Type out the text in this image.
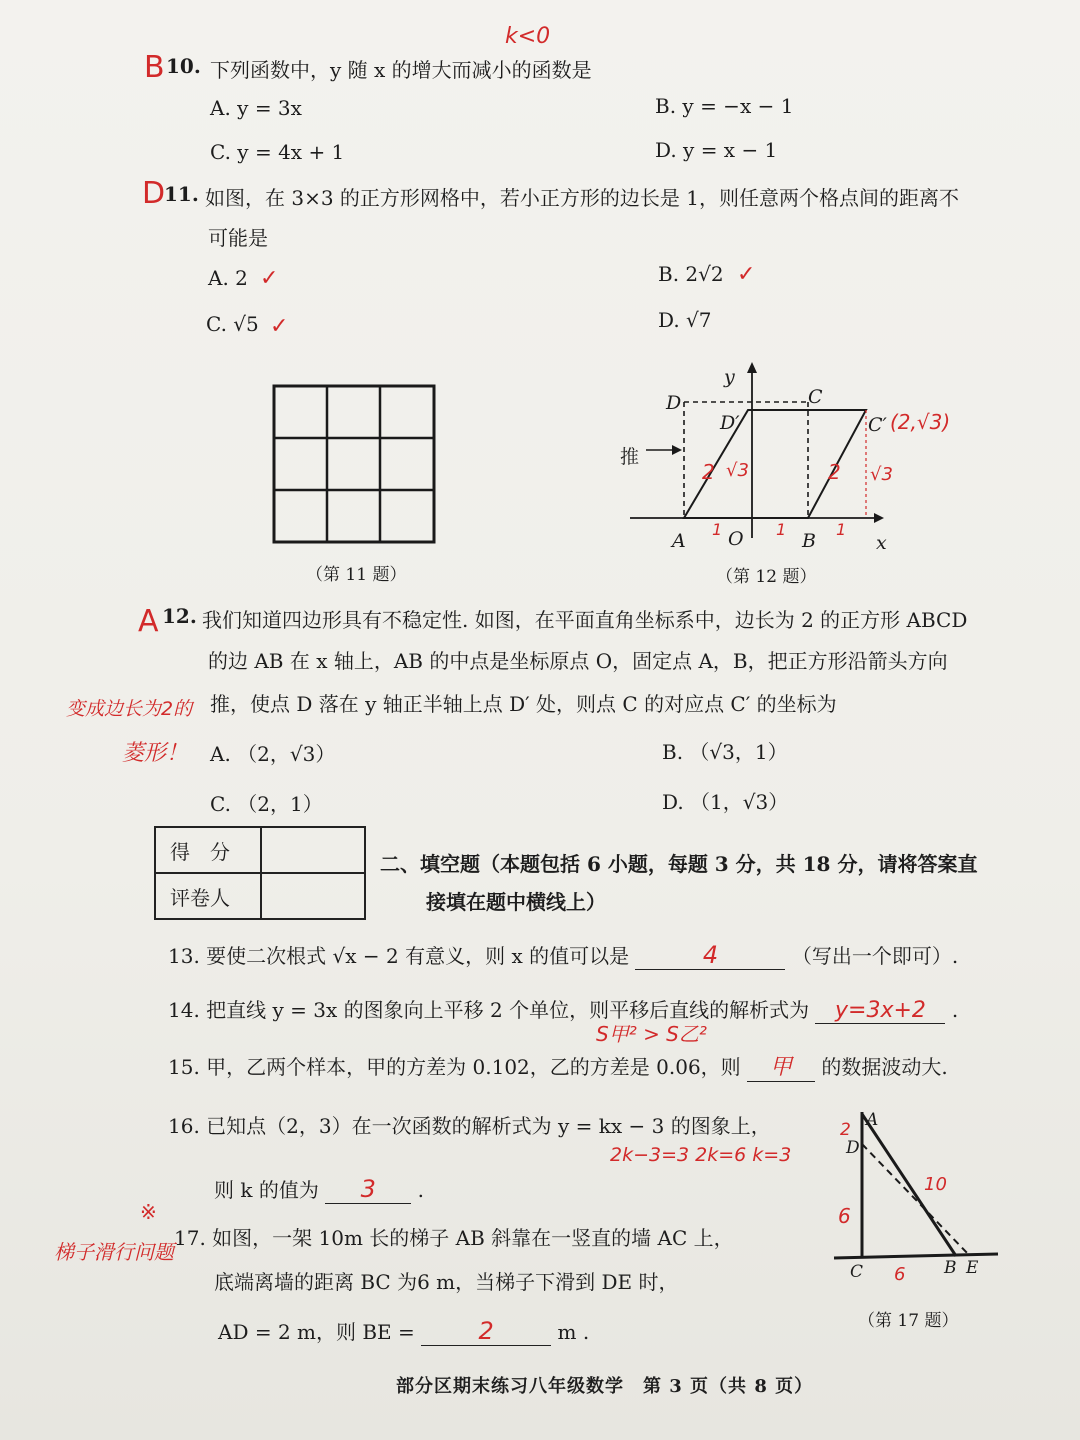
k<0
B 10. 下列函数中，y 随 x 的增大而减小的函数是
A. y = 3x	B. y = −x − 1
C. y = 4x + 1	D. y = x − 1
D
11. 如图，在 3×3 的正方形网格中，若小正方形的边长是 1，则任意两个格点间的距离不
可能是
A. 2 ✓	B. 2√2 ✓
C. √5 ✓	D. √7
（第 11 题）
y
D	C
D′	C′ (2,√3)
推
2 √3	2 √3
1	1	1
A O	B	x
（第 12 题）
A 12. 我们知道四边形具有不稳定性. 如图，在平面直角坐标系中，边长为 2 的正方形 ABCD
的边 AB 在 x 轴上，AB 的中点是坐标原点 O，固定点 A，B，把正方形沿箭头方向
变成边长为2的
菱形！
推，使点 D 落在 y 轴正半轴上点 D′ 处，则点 C 的对应点 C′ 的坐标为
A. （2，√3）	B. （√3，1）
C. （2，1）	D. （1，√3）
得　分	
评卷人	
二、填空题（本题包括 6 小题，每题 3 分，共 18 分，请将答案直
接填在题中横线上）
13. 要使二次根式 √x − 2 有意义，则 x 的值可以是	4	（写出一个即可）.
14. 把直线 y = 3x 的图象向上平移 2 个单位，则平移后直线的解析式为 y=3x+2 .
S甲² > S乙²
15. 甲，乙两个样本，甲的方差为 0.102，乙的方差是 0.06，则 甲 的数据波动大.
16. 已知点（2，3）在一次函数的解析式为 y = kx − 3 的图象上，
2k−3=3 2k=6 k=3
则 k 的值为 3 .
※
梯子滑行问题
17. 如图，一架 10m 长的梯子 AB 斜靠在一竖直的墙 AC 上，
底端离墙的距离 BC 为6 m，当梯子下滑到 DE 时，
AD = 2 m，则 BE =	2	m .
A
2
D
10
6
C 6 B E
（第 17 题）
部分区期末练习八年级数学　第 3 页（共 8 页）
